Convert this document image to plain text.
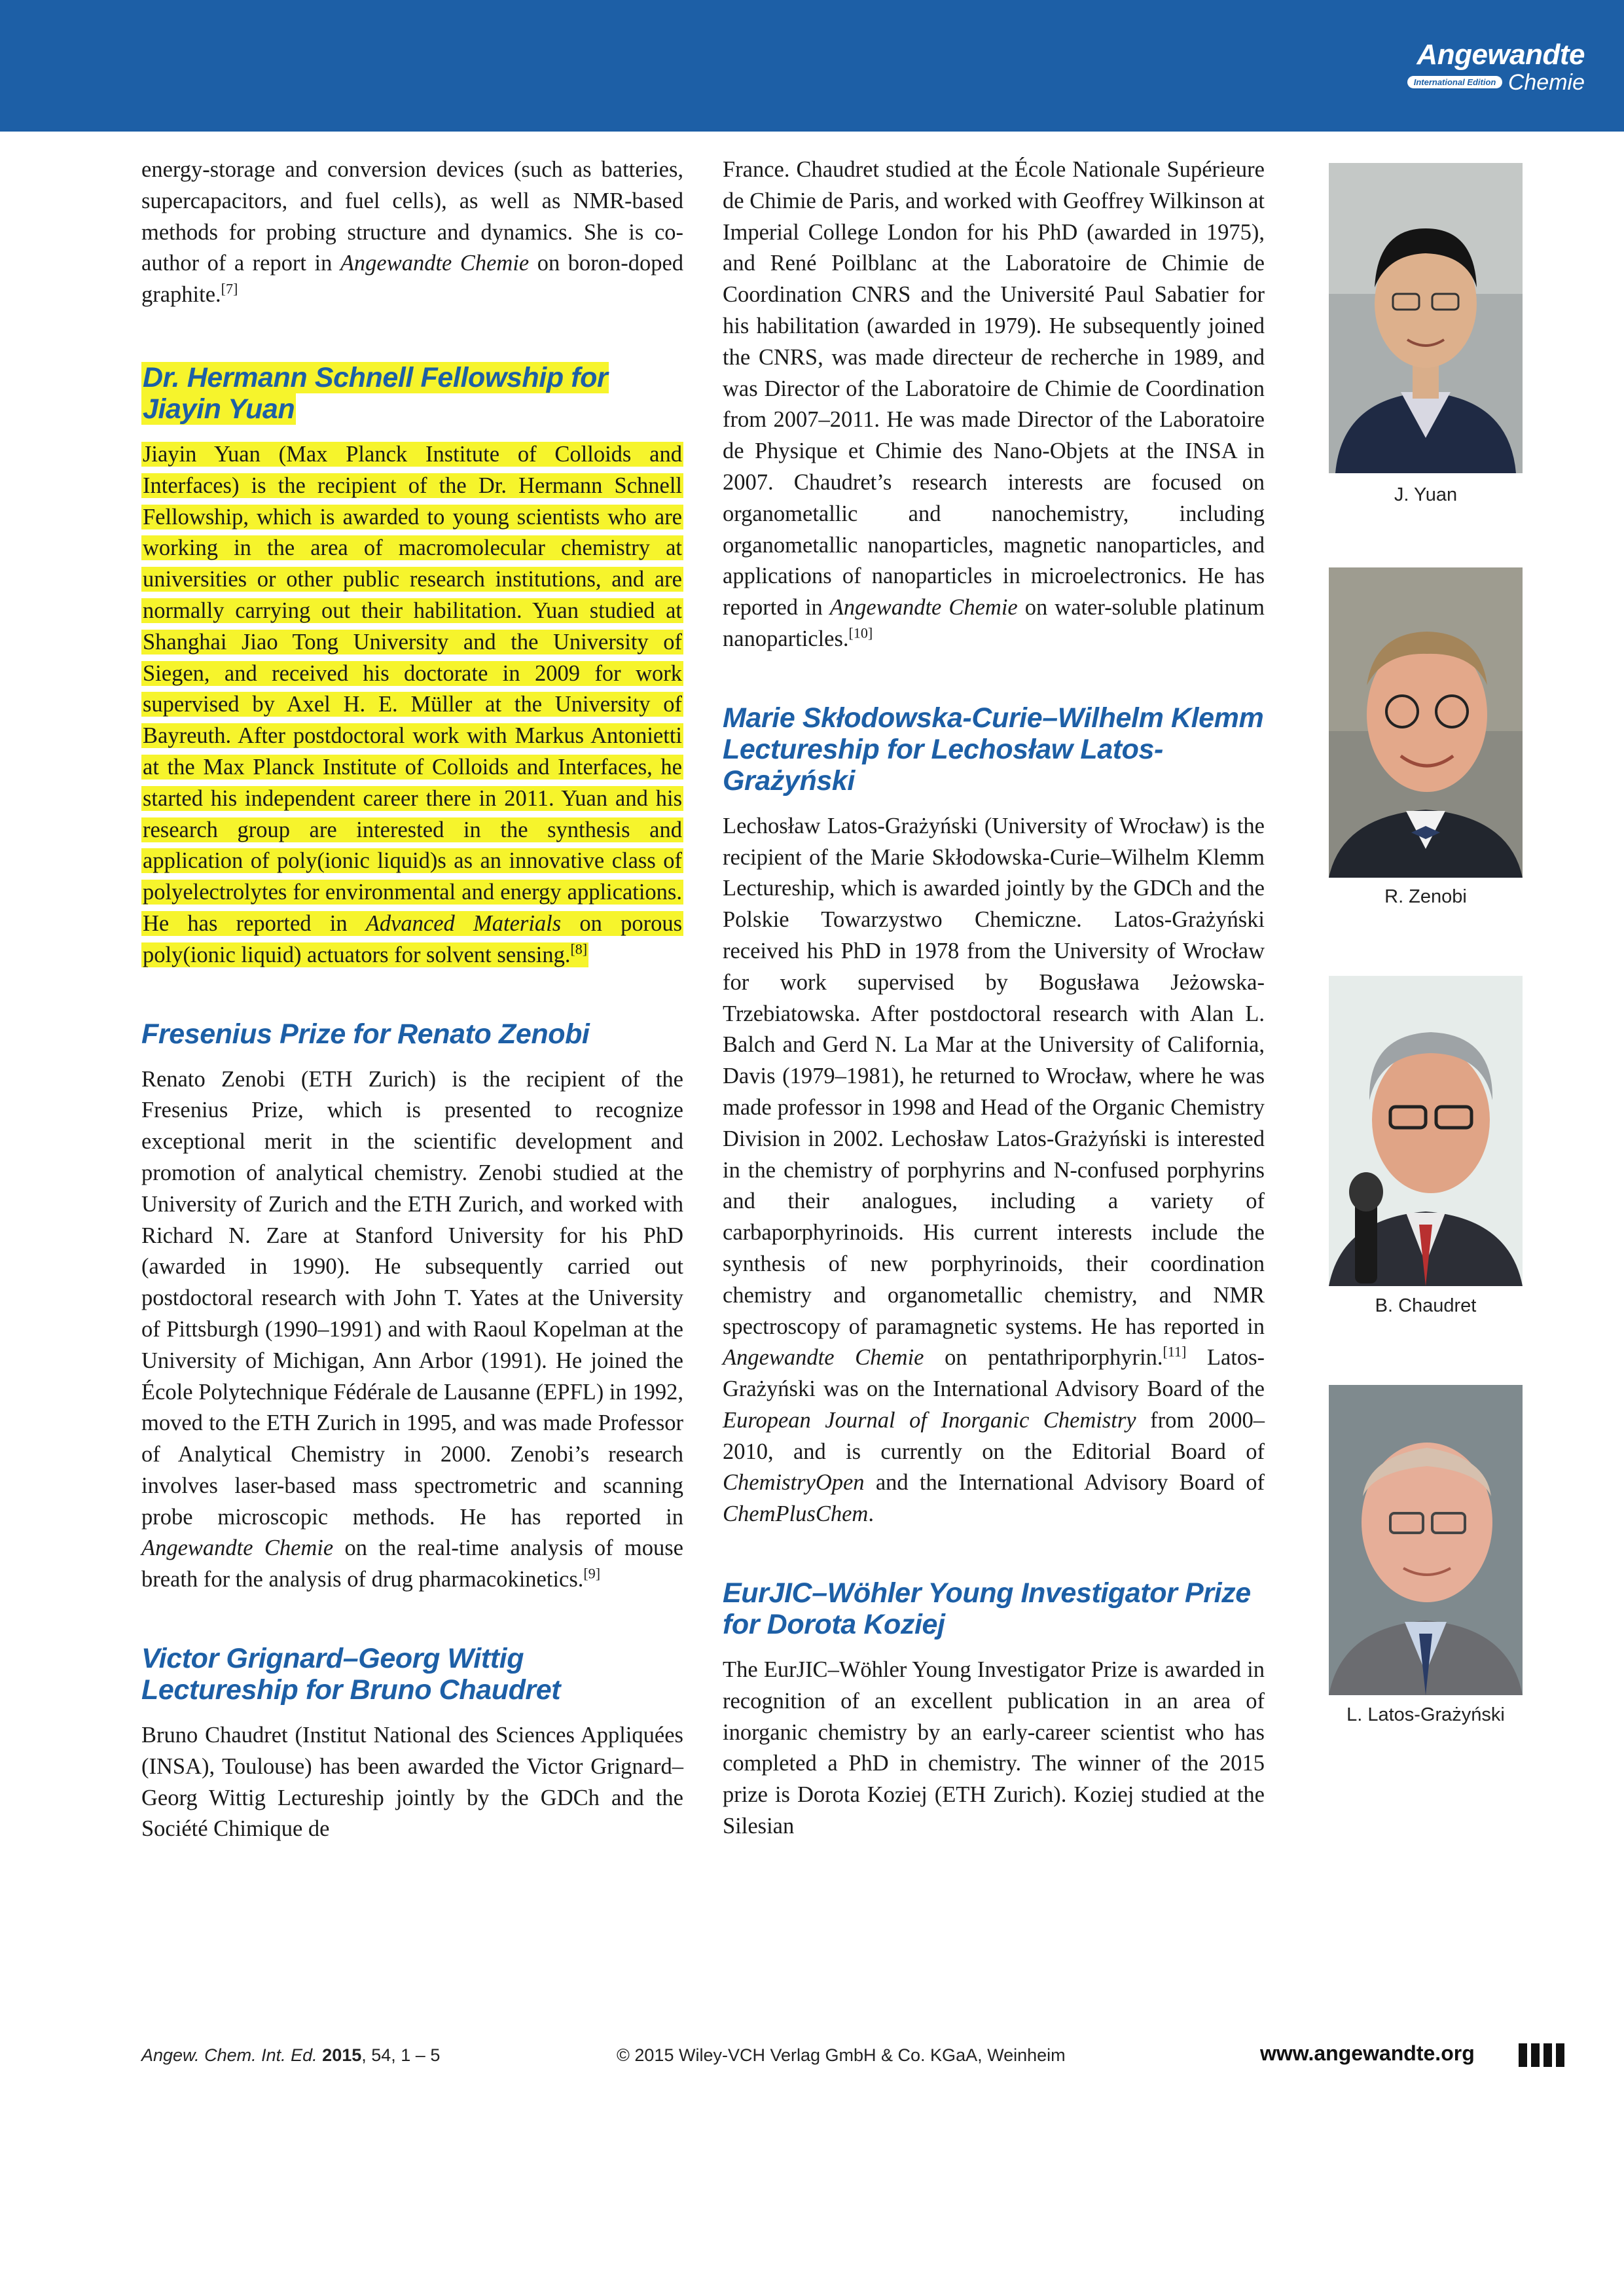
Angewandte
International Edition Chemie

energy-storage and conversion devices (such as batteries, supercapacitors, and fuel cells), as well as NMR-based methods for probing structure and dynamics. She is co-author of a report in Angewandte Chemie on boron-doped graphite.[7]

Dr. Hermann Schnell Fellowship for Jiayin Yuan

Jiayin Yuan (Max Planck Institute of Colloids and Interfaces) is the recipient of the Dr. Hermann Schnell Fellowship, which is awarded to young scientists who are working in the area of macromolecular chemistry at universities or other public research institutions, and are normally carrying out their habilitation. Yuan studied at Shanghai Jiao Tong University and the University of Siegen, and received his doctorate in 2009 for work supervised by Axel H. E. Müller at the University of Bayreuth. After postdoctoral work with Markus Antonietti at the Max Planck Institute of Colloids and Interfaces, he started his independent career there in 2011. Yuan and his research group are interested in the synthesis and application of poly(ionic liquid)s as an innovative class of polyelectrolytes for environmental and energy applications. He has reported in Advanced Materials on porous poly(ionic liquid) actuators for solvent sensing.[8]

Fresenius Prize for Renato Zenobi

Renato Zenobi (ETH Zurich) is the recipient of the Fresenius Prize, which is presented to recognize exceptional merit in the scientific development and promotion of analytical chemistry. Zenobi studied at the University of Zurich and the ETH Zurich, and worked with Richard N. Zare at Stanford University for his PhD (awarded in 1990). He subsequently carried out postdoctoral research with John T. Yates at the University of Pittsburgh (1990–1991) and with Raoul Kopelman at the University of Michigan, Ann Arbor (1991). He joined the École Polytechnique Fédérale de Lausanne (EPFL) in 1992, moved to the ETH Zurich in 1995, and was made Professor of Analytical Chemistry in 2000. Zenobi’s research involves laser-based mass spectrometric and scanning probe microscopic methods. He has reported in Angewandte Chemie on the real-time analysis of mouse breath for the analysis of drug pharmacokinetics.[9]

Victor Grignard–Georg Wittig Lectureship for Bruno Chaudret

Bruno Chaudret (Institut National des Sciences Appliquées (INSA), Toulouse) has been awarded the Victor Grignard–Georg Wittig Lectureship jointly by the GDCh and the Société Chimique de

France. Chaudret studied at the École Nationale Supérieure de Chimie de Paris, and worked with Geoffrey Wilkinson at Imperial College London for his PhD (awarded in 1975), and René Poilblanc at the Laboratoire de Chimie de Coordination CNRS and the Université Paul Sabatier for his habilitation (awarded in 1979). He subsequently joined the CNRS, was made directeur de recherche in 1989, and was Director of the Laboratoire de Chimie de Coordination from 2007–2011. He was made Director of the Laboratoire de Physique et Chimie des Nano-Objets at the INSA in 2007. Chaudret’s research interests are focused on organometallic and nanochemistry, including organometallic nanoparticles, magnetic nanoparticles, and applications of nanoparticles in microelectronics. He has reported in Angewandte Chemie on water-soluble platinum nanoparticles.[10]

Marie Skłodowska-Curie–Wilhelm Klemm Lectureship for Lechosław Latos-Grażyński

Lechosław Latos-Grażyński (University of Wrocław) is the recipient of the Marie Skłodowska-Curie–Wilhelm Klemm Lectureship, which is awarded jointly by the GDCh and the Polskie Towarzystwo Chemiczne. Latos-Grażyński received his PhD in 1978 from the University of Wrocław for work supervised by Bogusława Jeżowska-Trzebiatowska. After postdoctoral research with Alan L. Balch and Gerd N. La Mar at the University of California, Davis (1979–1981), he returned to Wrocław, where he was made professor in 1998 and Head of the Organic Chemistry Division in 2002. Lechosław Latos-Grażyński is interested in the chemistry of porphyrins and N-confused porphyrins and their analogues, including a variety of carbaporphyrinoids. His current interests include the synthesis of new porphyrinoids, their coordination chemistry and organometallic chemistry, and NMR spectroscopy of paramagnetic systems. He has reported in Angewandte Chemie on pentathriporphyrin.[11] Latos-Grażyński was on the International Advisory Board of the European Journal of Inorganic Chemistry from 2000–2010, and is currently on the Editorial Board of ChemistryOpen and the International Advisory Board of ChemPlusChem.

EurJIC–Wöhler Young Investigator Prize for Dorota Koziej

The EurJIC–Wöhler Young Investigator Prize is awarded in recognition of an excellent publication in an area of inorganic chemistry by an early-career scientist who has completed a PhD in chemistry. The winner of the 2015 prize is Dorota Koziej (ETH Zurich). Koziej studied at the Silesian

J. Yuan
R. Zenobi
B. Chaudret
L. Latos-Grażyński
Angew. Chem. Int. Ed. 2015, 54, 1 – 5	© 2015 Wiley-VCH Verlag GmbH & Co. KGaA, Weinheim	www.angewandte.org
